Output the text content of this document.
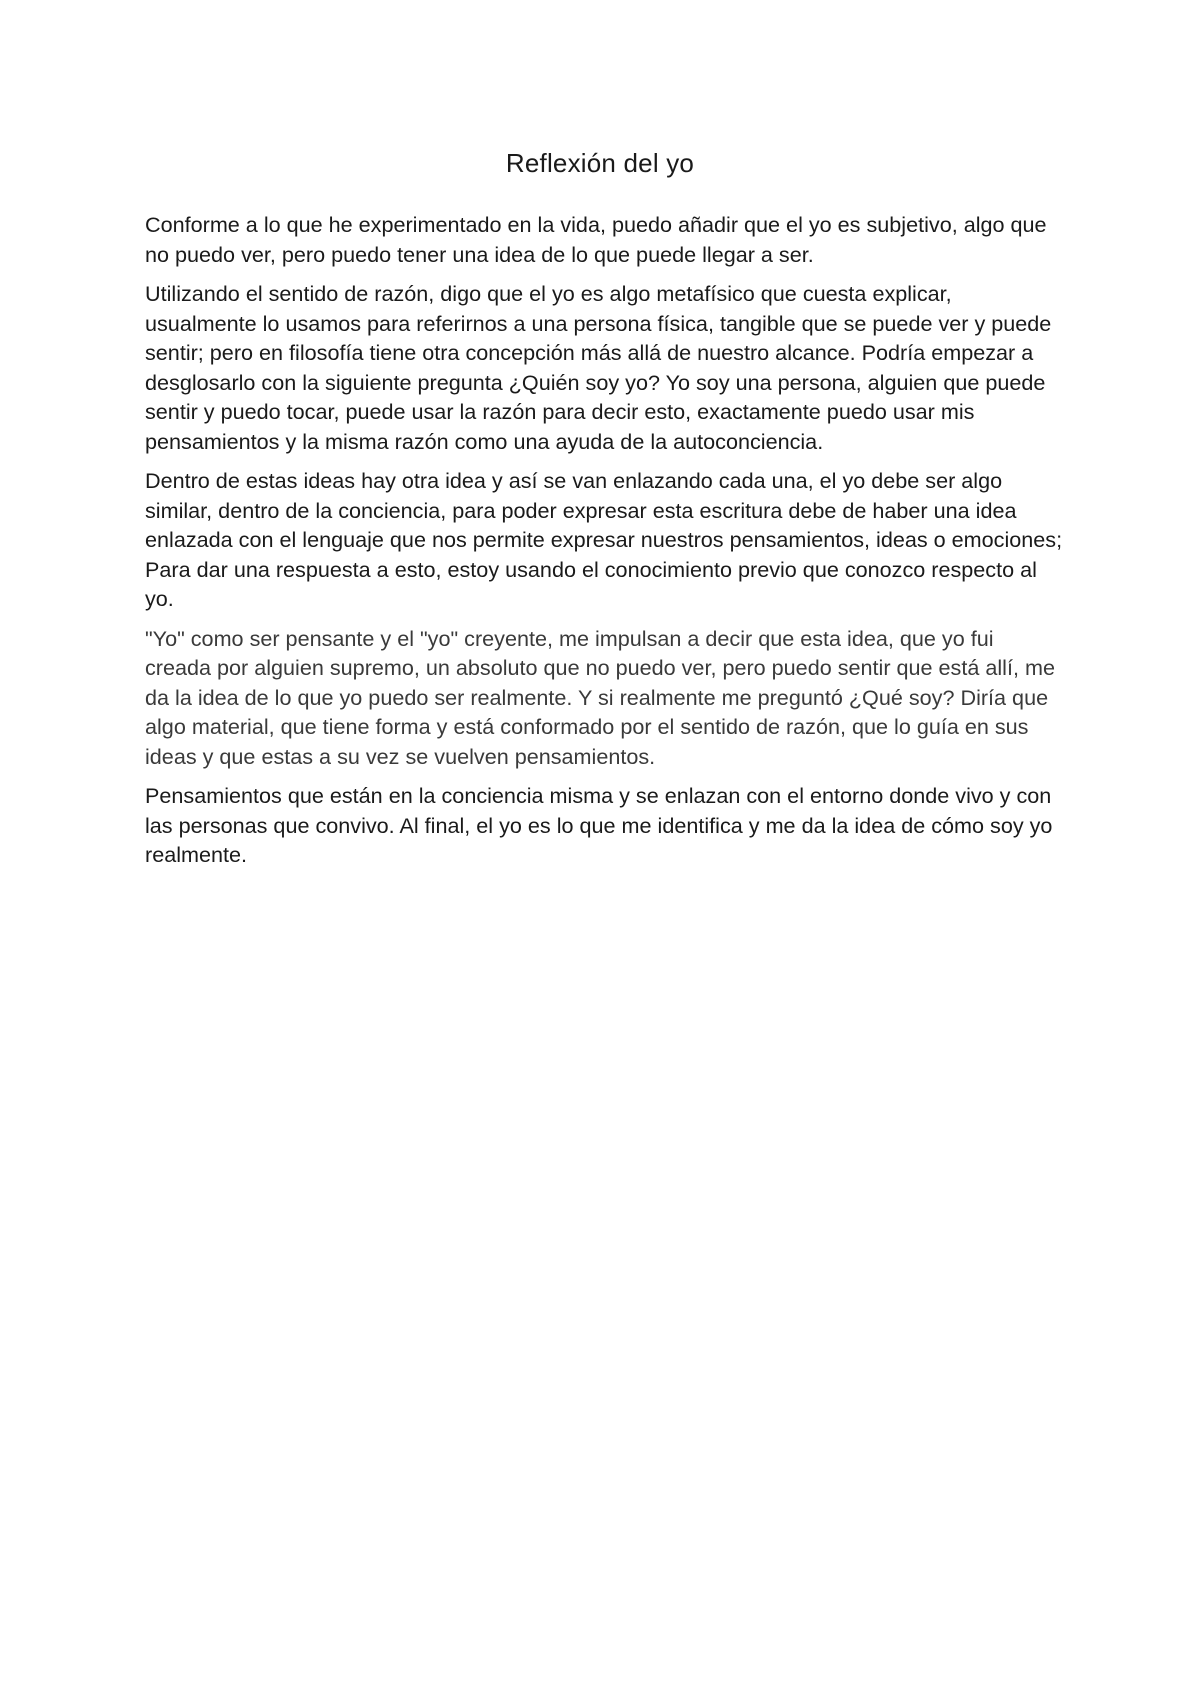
Reflexión del yo

Conforme a lo que he experimentado en la vida, puedo añadir que el yo es subjetivo, algo que no puedo ver, pero puedo tener una idea de lo que puede llegar a ser.

Utilizando el sentido de razón, digo que el yo es algo metafísico que cuesta explicar, usualmente lo usamos para referirnos a una persona física, tangible que se puede ver y puede sentir; pero en filosofía tiene otra concepción más allá de nuestro alcance. Podría empezar a desglosarlo con la siguiente pregunta ¿Quién soy yo? Yo soy una persona, alguien que puede sentir y puedo tocar, puede usar la razón para decir esto, exactamente puedo usar mis pensamientos y la misma razón como una ayuda de la autoconciencia.

Dentro de estas ideas hay otra idea y así se van enlazando cada una, el yo debe ser algo similar, dentro de la conciencia, para poder expresar esta escritura debe de haber una idea enlazada con el lenguaje que nos permite expresar nuestros pensamientos, ideas o emociones; Para dar una respuesta a esto, estoy usando el conocimiento previo que conozco respecto al yo.

"Yo" como ser pensante y el "yo" creyente, me impulsan a decir que esta idea, que yo fui creada por alguien supremo, un absoluto que no puedo ver, pero puedo sentir que está allí, me da la idea de lo que yo puedo ser realmente. Y si realmente me preguntó ¿Qué soy? Diría que algo material, que tiene forma y está conformado por el sentido de razón, que lo guía en sus ideas y que estas a su vez se vuelven pensamientos.

Pensamientos que están en la conciencia misma y se enlazan con el entorno donde vivo y con las personas que convivo. Al final, el yo es lo que me identifica y me da la idea de cómo soy yo realmente.
